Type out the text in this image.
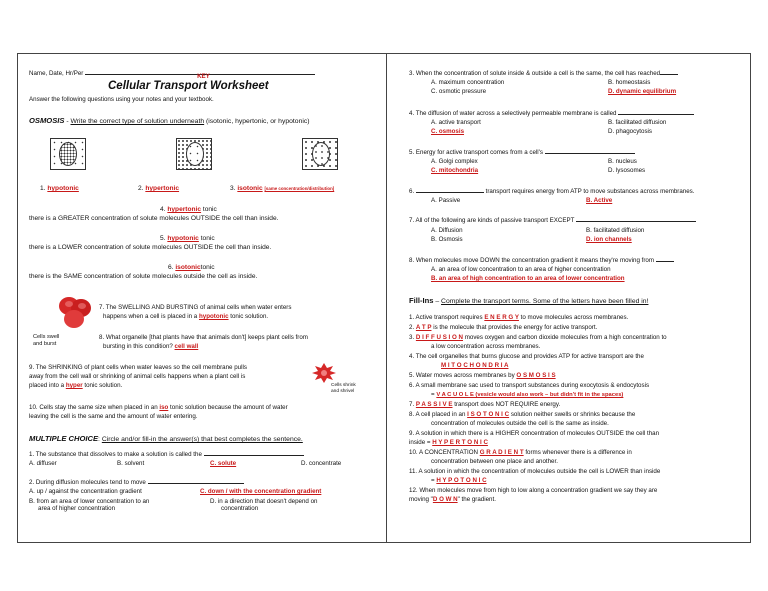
Name, Date, Hr/Per	KEY
Cellular Transport Worksheet
Answer the following questions using your notes and your textbook.
OSMOSIS - Write the correct type of solution underneath (isotonic, hypertonic, or hypotonic)
1. hypotonic	2. hypertonic	3. isotonic [same concentration/distribution]
4. hypertonic tonic
there is a GREATER concentration of solute molecules OUTSIDE the cell than inside.
5. hypotonic tonic
there is a LOWER concentration of solute molecules OUTSIDE the cell than inside.
6. isotonictonic
there is the SAME concentration of solute molecules outside the cell as inside.
7. The SWELLING AND BURSTING of animal cells when water enters
happens when a cell is placed in a hypotonic tonic solution.
Cells swell
and burst
8. What organelle [that plants have that animals don't] keeps plant cells from
bursting in this condition? cell wall
9. The SHRINKING of plant cells when water leaves so the cell membrane pulls
away from the cell wall or shrinking of animal cells happens when a plant cell is
placed into a hyper tonic solution.	Cells shrink
and shrivel
10. Cells stay the same size when placed in an iso tonic solution because the amount of water
leaving the cell is the same and the amount of water entering.
MULTIPLE CHOICE: Circle and/or fill-in the answer(s) that best completes the sentence.
1. The substance that dissolves to make a solution is called the
A. diffuser	B. solvent	C. solute	D. concentrate
2. During diffusion molecules tend to move
A. up / against the concentration gradient	C. down / with the concentration gradient
B. from an area of lower concentration to an
area of higher concentration
D. in a direction that doesn't depend on
concentration
3. When the concentration of solute inside & outside a cell is the same, the cell has reached
A. maximum concentration	B. homeostasis
C. osmotic pressure	D. dynamic equilibrium
4. The diffusion of water across a selectively permeable membrane is called
A. active transport	B. facilitated diffusion
C. osmosis	D. phagocytosis
5. Energy for active transport comes from a cell's
A. Golgi complex	B. nucleus
C. mitochondria	D. lysosomes
6.	transport requires energy from ATP to move substances across membranes.
A. Passive	B. Active
7. All of the following are kinds of passive transport EXCEPT
A. Diffusion	B. facilitated diffusion
B. Osmosis	D. ion channels
8. When molecules move DOWN the concentration gradient it means they're moving from
A. an area of low concentration to an area of higher concentration
B. an area of high concentration to an area of lower concentration
Fill-Ins – Complete the transport terms. Some of the letters have been filled in!
1. Active transport requires E N E R G Y to move molecules across membranes.
2. A T P is the molecule that provides the energy for active transport.
3. D I F F U S I O N moves oxygen and carbon dioxide molecules from a high concentration to
a low concentration across membranes.
4. The cell organelles that burns glucose and provides ATP for active transport are the
M I T O C H O N D R I A
5. Water moves across membranes by O S M O S I S
6. A small membrane sac used to transport substances during exocytosis & endocytosis
= V A C U O L E (vesicle would also work – but didn't fit in the spaces)
7. P A S S I V E transport does NOT REQUIRE energy.
8. A cell placed in an I S O T O N I C solution neither swells or shrinks because the
concentration of molecules outside the cell is the same as inside.
9. A solution in which there is a HIGHER concentration of molecules OUTSIDE the cell than
inside = H Y P E R T O N I C
10. A CONCENTRATION G R A D I E N T forms whenever there is a difference in
concentration between one place and another.
11. A solution in which the concentration of molecules outside the cell is LOWER than inside
= H Y P O T O N I C
12. When molecules move from high to low along a concentration gradient we say they are
moving "D O W N" the gradient.
